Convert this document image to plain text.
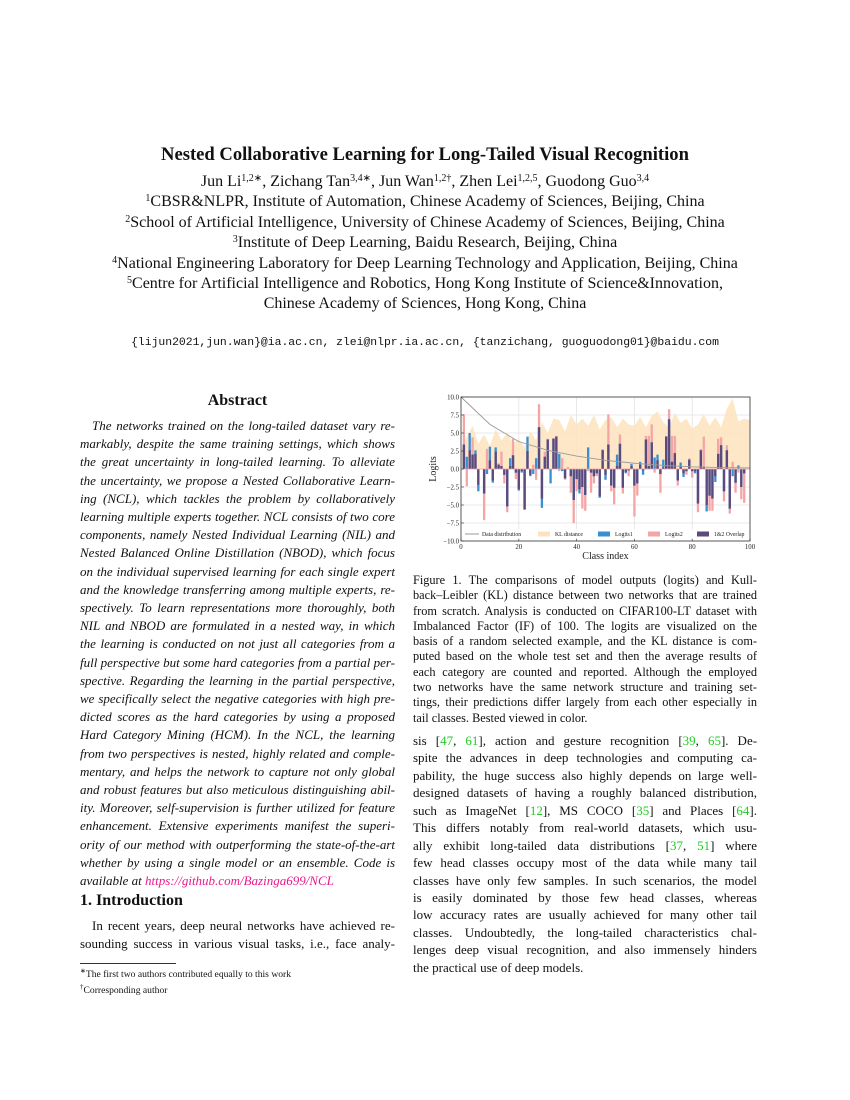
Nested Collaborative Learning for Long-Tailed Visual Recognition
Jun $Li^{1,2∗}$, Zichang Tan$^{3,4∗}$, Jun Wan$^{1,2\dagger}$, Zhen Lei$^{1,2,5}$, Guodong Guo$^{3,4}$
$^1$CBSR&NLPR, Institute of Automation, Chinese Academy of Sciences, Beijing, China
$^2$School of Artificial Intelligence, University of Chinese Academy of Sciences, Beijing, China
$^3$Institute of Deep Learning, Baidu Research, Beijing, China
$^4$National Engineering Laboratory for Deep Learning Technology and Application, Beijing, China
$^5$Centre for Artificial Intelligence and Robotics, Hong Kong Institute of Science&Innovation,
Chinese Academy of Sciences, Hong Kong, China
{lijun2021,jun.wan}@ia.ac.cn, zlei@nlpr.ia.ac.cn, {tanzichang, guoguodong01}@baidu.com
Abstract
The networks trained on the long-tailed dataset vary re-
markably, despite the same training settings, which shows
the great uncertainty in long-tailed learning. To alleviate
the uncertainty, we propose a Nested Collaborative Learn-
ing (NCL), which tackles the problem by collaboratively
learning multiple experts together. NCL consists of two core
components, namely Nested Individual Learning (NIL) and
Nested Balanced Online Distillation (NBOD), which focus
on the individual supervised learning for each single expert
and the knowledge transferring among multiple experts, re-
spectively. To learn representations more thoroughly, both
NIL and NBOD are formulated in a nested way, in which
the learning is conducted on not just all categories from a
full perspective but some hard categories from a partial per-
spective. Regarding the learning in the partial perspective,
we specifically select the negative categories with high pre-
dicted scores as the hard categories by using a proposed
Hard Category Mining (HCM). In the NCL, the learning
from two perspectives is nested, highly related and comple-
mentary, and helps the network to capture not only global
and robust features but also meticulous distinguishing abil-
ity. Moreover, self-supervision is further utilized for feature
enhancement. Extensive experiments manifest the superi-
ority of our method with outperforming the state-of-the-art
whether by using a single model or an ensemble. Code is
available at https://github.com/Bazinga699/NCL
1. Introduction
In recent years, deep neural networks have achieved re-
sounding success in various visual tasks, i.e., face analy-
∗The first two authors contributed equally to this work
†Corresponding author
10.0
7.5
5.0
2.5
0.0
−2.5
−5.0
−7.5
−10.0
0	20	40	60	80	100
Class index
Logits
Data distribution	KL distance	Logits1	Logits2	1&2 Overlap
Figure 1. The comparisons of model outputs (logits) and Kull-
back–Leibler (KL) distance between two networks that are trained
from scratch. Analysis is conducted on CIFAR100-LT dataset with
Imbalanced Factor (IF) of 100. The logits are visualized on the
basis of a random selected example, and the KL distance is com-
puted based on the whole test set and then the average results of
each category are counted and reported. Although the employed
two networks have the same network structure and training set-
tings, their predictions differ largely from each other especially in
tail classes. Bested viewed in color.
sis [47, 61], action and gesture recognition [39, 65]. De-
spite the advances in deep technologies and computing ca-
pability, the huge success also highly depends on large well-
designed datasets of having a roughly balanced distribution,
such as ImageNet [12], MS COCO [35] and Places [64].
This differs notably from real-world datasets, which usu-
ally exhibit long-tailed data distributions [37, 51] where
few head classes occupy most of the data while many tail
classes have only few samples. In such scenarios, the model
is easily dominated by those few head classes, whereas
low accuracy rates are usually achieved for many other tail
classes. Undoubtedly, the long-tailed characteristics chal-
lenges deep visual recognition, and also immensely hinders
the practical use of deep models.
